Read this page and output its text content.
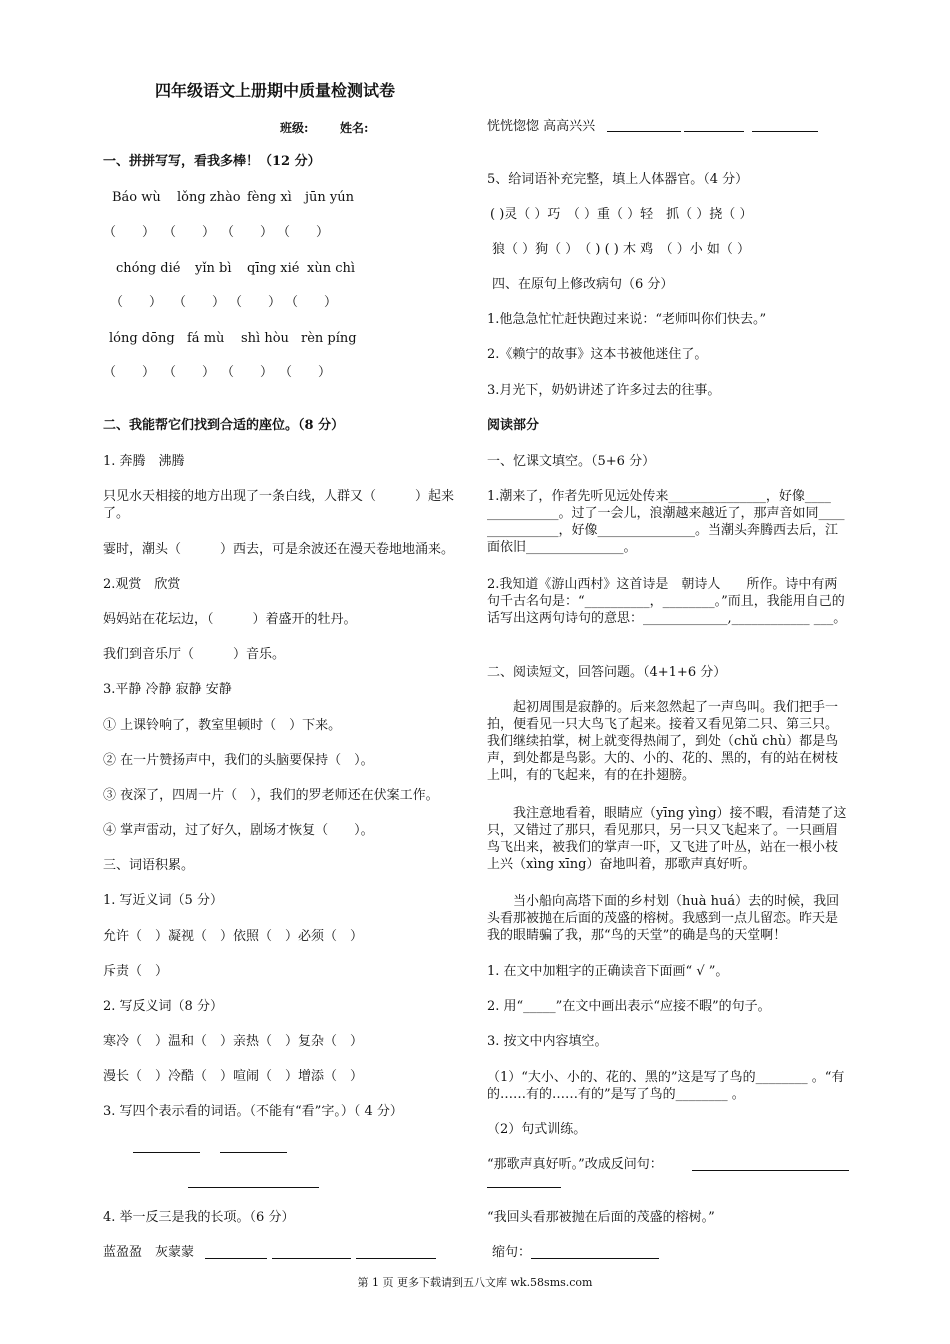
四年级语文上册期中质量检测试卷
班级:	姓名:
一、拼拼写写，看我多棒！（12 分）
Báo wù lǒng zhào fèng xì jūn yún
（　　） （　　） （　　） （　　）
chóng dié yǐn bì qīng xié xùn chì
（　　） （　　） （　　） （　　）
lóng dōng fá mù shì hòu rèn píng
（　　） （　　） （　　） （　　）
二、我能帮它们找到合适的座位。（8 分）
1. 奔腾　沸腾
只见水天相接的地方出现了一条白线，人群又（　　　）起来了。
霎时，潮头（　　　）西去，可是余波还在漫天卷地地涌来。
2.观赏　欣赏
妈妈站在花坛边，（　　　）着盛开的牡丹。
我们到音乐厅（　　　）音乐。
3.平静 冷静 寂静 安静
① 上课铃响了，教室里顿时（　）下来。
② 在一片赞扬声中，我们的头脑要保持（　）。
③ 夜深了，四周一片（　），我们的罗老师还在伏案工作。
④ 掌声雷动，过了好久，剧场才恢复（　　）。
三、词语积累。
1. 写近义词（5 分）
允许（　）凝视（　）依照（　）必须（　）
斥责（　）
2. 写反义词（8 分）
寒冷（　）温和（　）亲热（　）复杂（　）
漫长（　）冷酷（　）喧闹（　）增添（　）
3. 写四个表示看的词语。（不能有“看”字。）（ 4 分）
4. 举一反三是我的长项。（6 分）
蓝盈盈　灰蒙蒙
恍恍惚惚 高高兴兴
5、给词语补充完整，填上人体器官。（4 分）
( )灵（ ）巧　（ ）重（ ）轻　抓（ ）挠（ ）
狼（ ）狗（ ）　（ ) ( ) 木 鸡　（ ）小 如（ ）
四、在原句上修改病句（6 分）
1.他急急忙忙赶快跑过来说：“老师叫你们快去。”
2.《赖宁的故事》这本书被他迷住了。
3.月光下，奶奶讲述了许多过去的往事。
阅读部分
一、忆课文填空。（5+6 分）
1.潮来了，作者先听见远处传来_______________，好像____ ___________。过了一会儿，浪潮越来越近了，那声音如同____ ___________，好像_______________。当潮头奔腾西去后，江面依旧_______________。
2.我知道《游山西村》这首诗是　朝诗人　　所作。诗中有两句千古名句是：“__________，________。”而且，我能用自己的话写出这两句诗句的意思：_____________,____________ ___。
二、阅读短文，回答问题。（4+1+6 分）
起初周围是寂静的。后来忽然起了一声鸟叫。我们把手一拍，便看见一只大鸟飞了起来。接着又看见第二只、第三只。我们继续拍掌，树上就变得热闹了，到处（chǔ chù）都是鸟声，到处都是鸟影。大的、小的、花的、黑的，有的站在树枝上叫，有的飞起来，有的在扑翅膀。
我注意地看着，眼睛应（yīng yìng）接不暇，看清楚了这只，又错过了那只，看见那只，另一只又飞起来了。一只画眉鸟飞出来，被我们的掌声一吓，又飞进了叶丛，站在一根小枝上兴（xìng xīng）奋地叫着，那歌声真好听。
当小船向高塔下面的乡村划（huà huá）去的时候，我回头看那被抛在后面的茂盛的榕树。我感到一点儿留恋。昨天是我的眼睛骗了我，那“鸟的天堂”的确是鸟的天堂啊！
1. 在文中加粗字的正确读音下面画“ √ ”。
2. 用“_____”在文中画出表示“应接不暇”的句子。
3. 按文中内容填空。
（1）“大小、小的、花的、黑的”这是写了鸟的________ 。“有的……有的……有的”是写了鸟的________ 。
（2）句式训练。
“那歌声真好听。”改成反问句：
“我回头看那被抛在后面的茂盛的榕树。”
缩句：
第 1 页 更多下载请到五八文库 wk.58sms.com
